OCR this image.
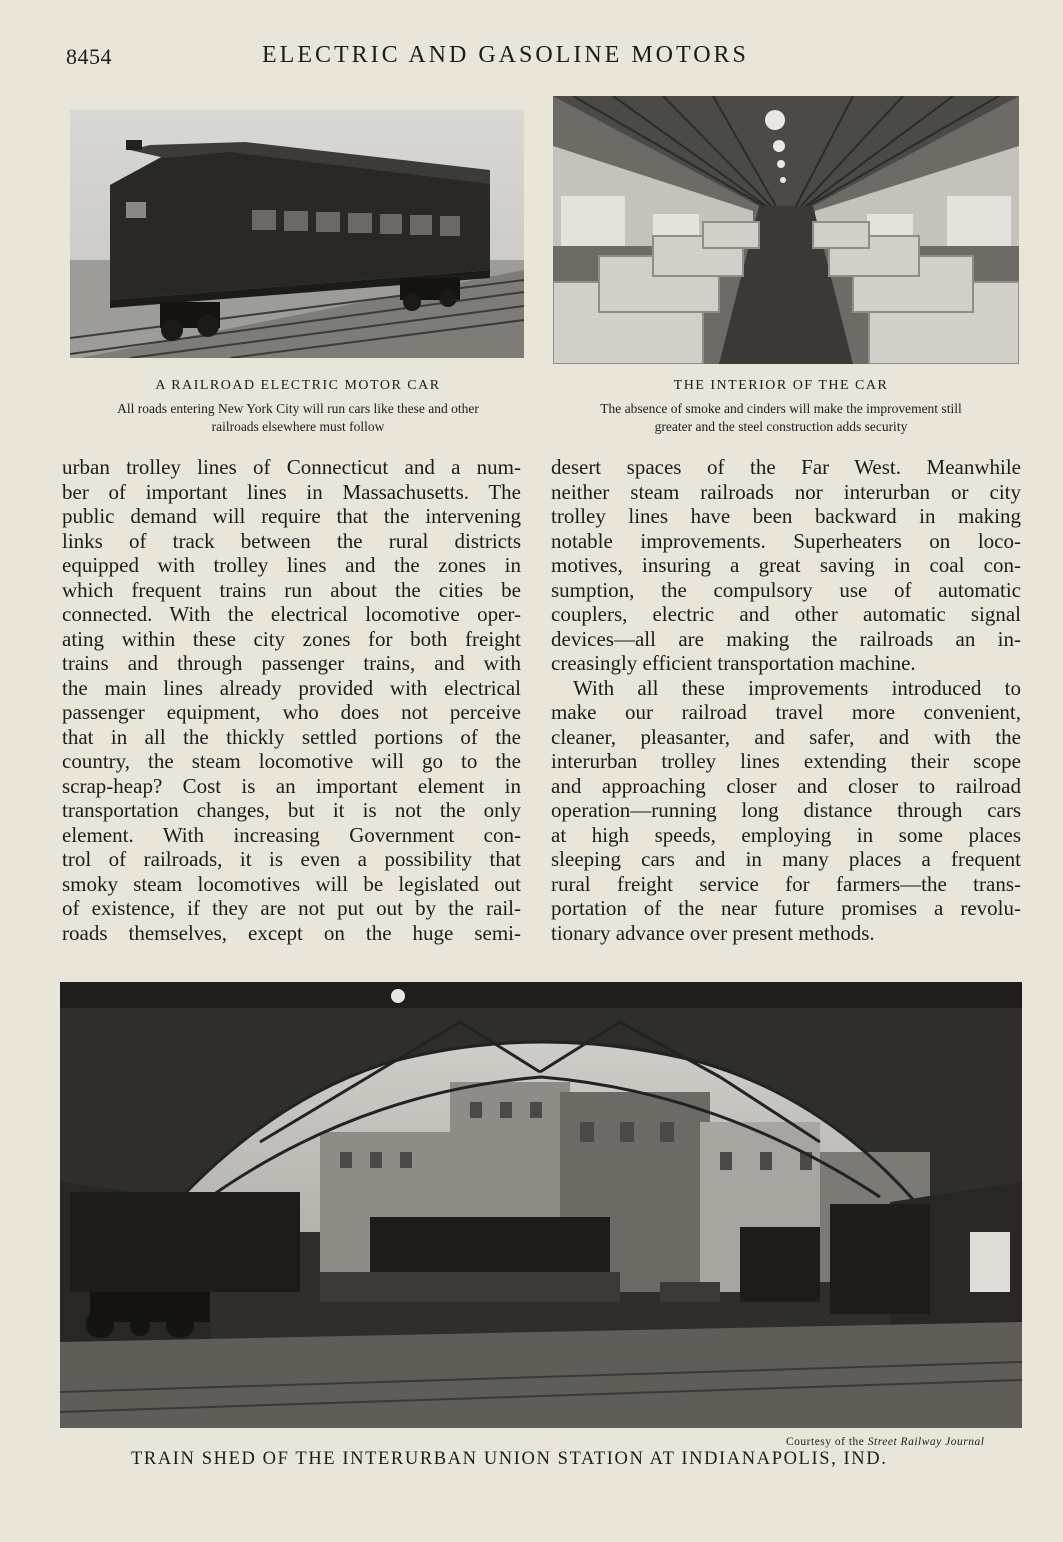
8454	ELECTRIC AND GASOLINE MOTORS
A RAILROAD ELECTRIC MOTOR CAR
All roads entering New York City will run cars like these and other
railroads elsewhere must follow
THE INTERIOR OF THE CAR
The absence of smoke and cinders will make the improvement still
greater and the steel construction adds security
urban trolley lines of Connecticut and a num-
ber of important lines in Massachusetts. The
public demand will require that the intervening
links of track between the rural districts
equipped with trolley lines and the zones in
which frequent trains run about the cities be
connected. With the electrical locomotive oper-
ating within these city zones for both freight
trains and through passenger trains, and with
the main lines already provided with electrical
passenger equipment, who does not perceive
that in all the thickly settled portions of the
country, the steam locomotive will go to the
scrap-heap? Cost is an important element in
transportation changes, but it is not the only
element. With increasing Government con-
trol of railroads, it is even a possibility that
smoky steam locomotives will be legislated out
of existence, if they are not put out by the rail-
roads themselves, except on the huge semi-
desert spaces of the Far West. Meanwhile
neither steam railroads nor interurban or city
trolley lines have been backward in making
notable improvements. Superheaters on loco-
motives, insuring a great saving in coal con-
sumption, the compulsory use of automatic
couplers, electric and other automatic signal
devices—all are making the railroads an in-
creasingly efficient transportation machine.
With all these improvements introduced to
make our railroad travel more convenient,
cleaner, pleasanter, and safer, and with the
interurban trolley lines extending their scope
and approaching closer and closer to railroad
operation—running long distance through cars
at high speeds, employing in some places
sleeping cars and in many places a frequent
rural freight service for farmers—the trans-
portation of the near future promises a revolu-
tionary advance over present methods.
Courtesy of the Street Railway Journal
TRAIN SHED OF THE INTERURBAN UNION STATION AT INDIANAPOLIS, IND.
